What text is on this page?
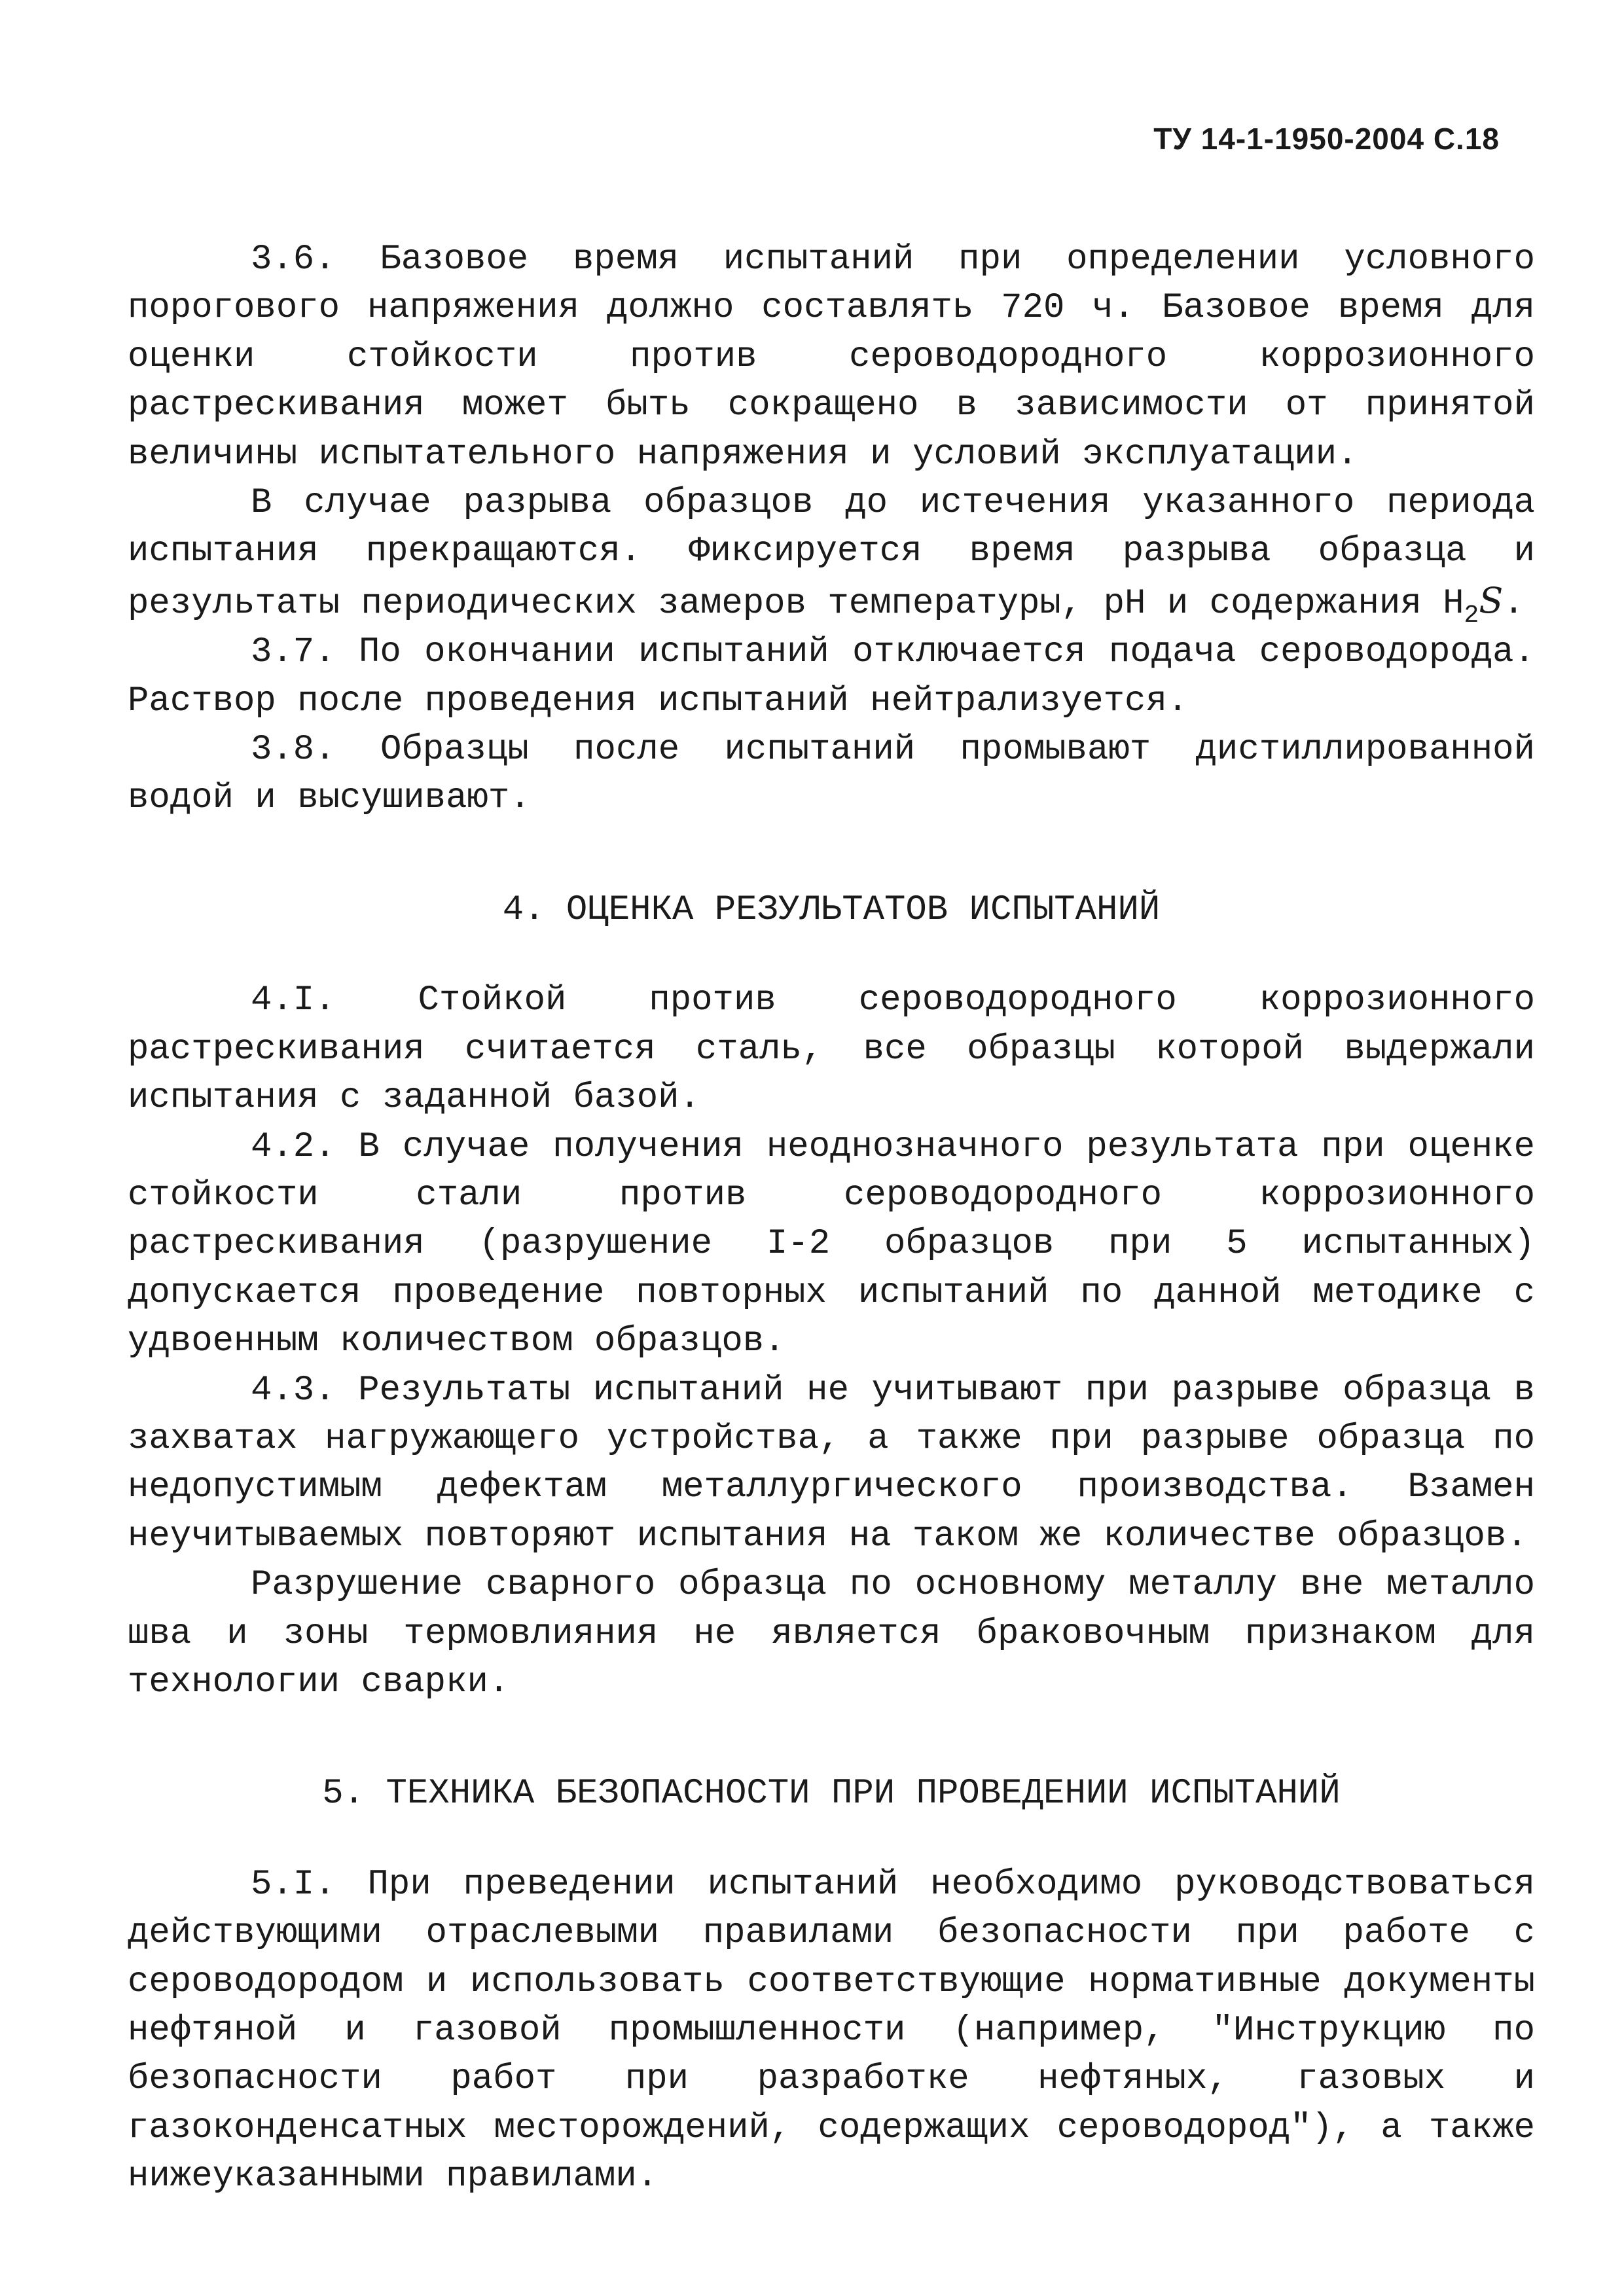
ТУ 14-1-1950-2004 С.18

3.6. Базовое время испытаний при определении условного порогового напряжения должно составлять 720 ч. Базовое время для оценки стойкости против сероводородного коррозионного растрескивания может быть сокращено в зависимости от принятой величины испытательного напряжения и условий эксплуатации.

В случае разрыва образцов до истечения указанного периода испытания прекращаются. Фиксируется время разрыва образца и результаты периодических замеров температуры, рН и содержания $Н_2S$.

3.7. По окончании испытаний отключается подача сероводорода. Раствор после проведения испытаний нейтрализуется.

3.8. Образцы после испытаний промывают дистиллированной водой и высушивают.

4. ОЦЕНКА РЕЗУЛЬТАТОВ ИСПЫТАНИЙ

4.I. Стойкой против сероводородного коррозионного растрескивания считается сталь, все образцы которой выдержали испытания с заданной базой.

4.2. В случае получения неоднозначного результата при оценке стойкости стали против сероводородного коррозионного растрескивания (разрушение I-2 образцов при 5 испытанных) допускается проведение повторных испытаний по данной методике с удвоенным количеством образцов.

4.3. Результаты испытаний не учитывают при разрыве образца в захватах нагружающего устройства, а также при разрыве образца по недопустимым дефектам металлургического производства. Взамен неучитываемых повторяют испытания на таком же количестве образцов.

Разрушение сварного образца по основному металлу вне металло шва и зоны термовлияния не является браковочным признаком для технологии сварки.

5. ТЕХНИКА БЕЗОПАСНОСТИ ПРИ ПРОВЕДЕНИИ ИСПЫТАНИЙ

5.I. При преведении испытаний необходимо руководствоваться действующими отраслевыми правилами безопасности при работе с сероводородом и использовать соответствующие нормативные документы нефтяной и газовой промышленности (например, "Инструкцию по безопасности работ при разработке нефтяных, газовых и газоконденсатных месторождений, содержащих сероводород"), а также нижеуказанными правилами.
